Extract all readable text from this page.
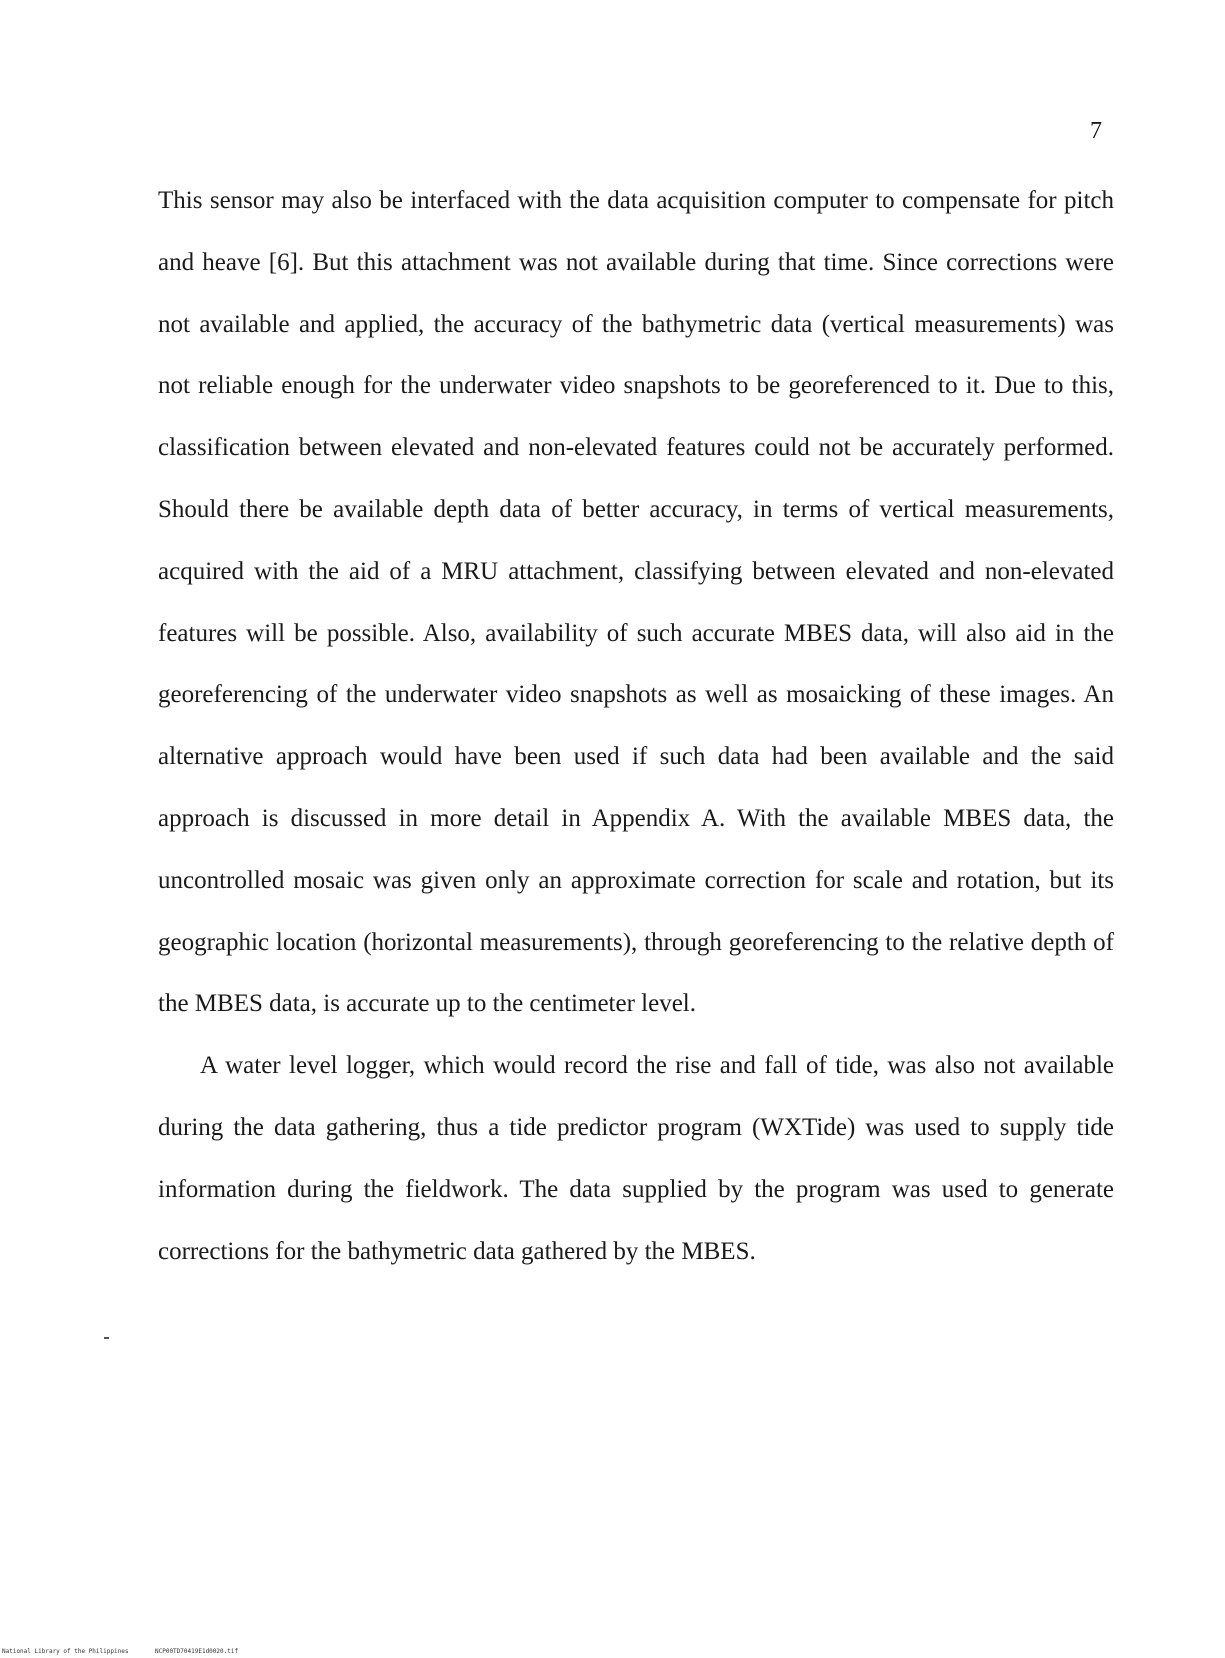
7

This sensor may also be interfaced with the data acquisition computer to compensate for pitch and heave [6]. But this attachment was not available during that time. Since corrections were not available and applied, the accuracy of the bathymetric data (vertical measurements) was not reliable enough for the underwater video snapshots to be georeferenced to it. Due to this, classification between elevated and non-elevated features could not be accurately performed. Should there be available depth data of better accuracy, in terms of vertical measurements, acquired with the aid of a MRU attachment, classifying between elevated and non-elevated features will be possible. Also, availability of such accurate MBES data, will also aid in the georeferencing of the underwater video snapshots as well as mosaicking of these images. An alternative approach would have been used if such data had been available and the said approach is discussed in more detail in Appendix A. With the available MBES data, the uncontrolled mosaic was given only an approximate correction for scale and rotation, but its geographic location (horizontal measurements), through georeferencing to the relative depth of the MBES data, is accurate up to the centimeter level.

A water level logger, which would record the rise and fall of tide, was also not available during the data gathering, thus a tide predictor program (WXTide) was used to supply tide information during the fieldwork. The data supplied by the program was used to generate corrections for the bathymetric data gathered by the MBES.

National Library of the Philippines	NCP00TD70419E1d0020.tif
